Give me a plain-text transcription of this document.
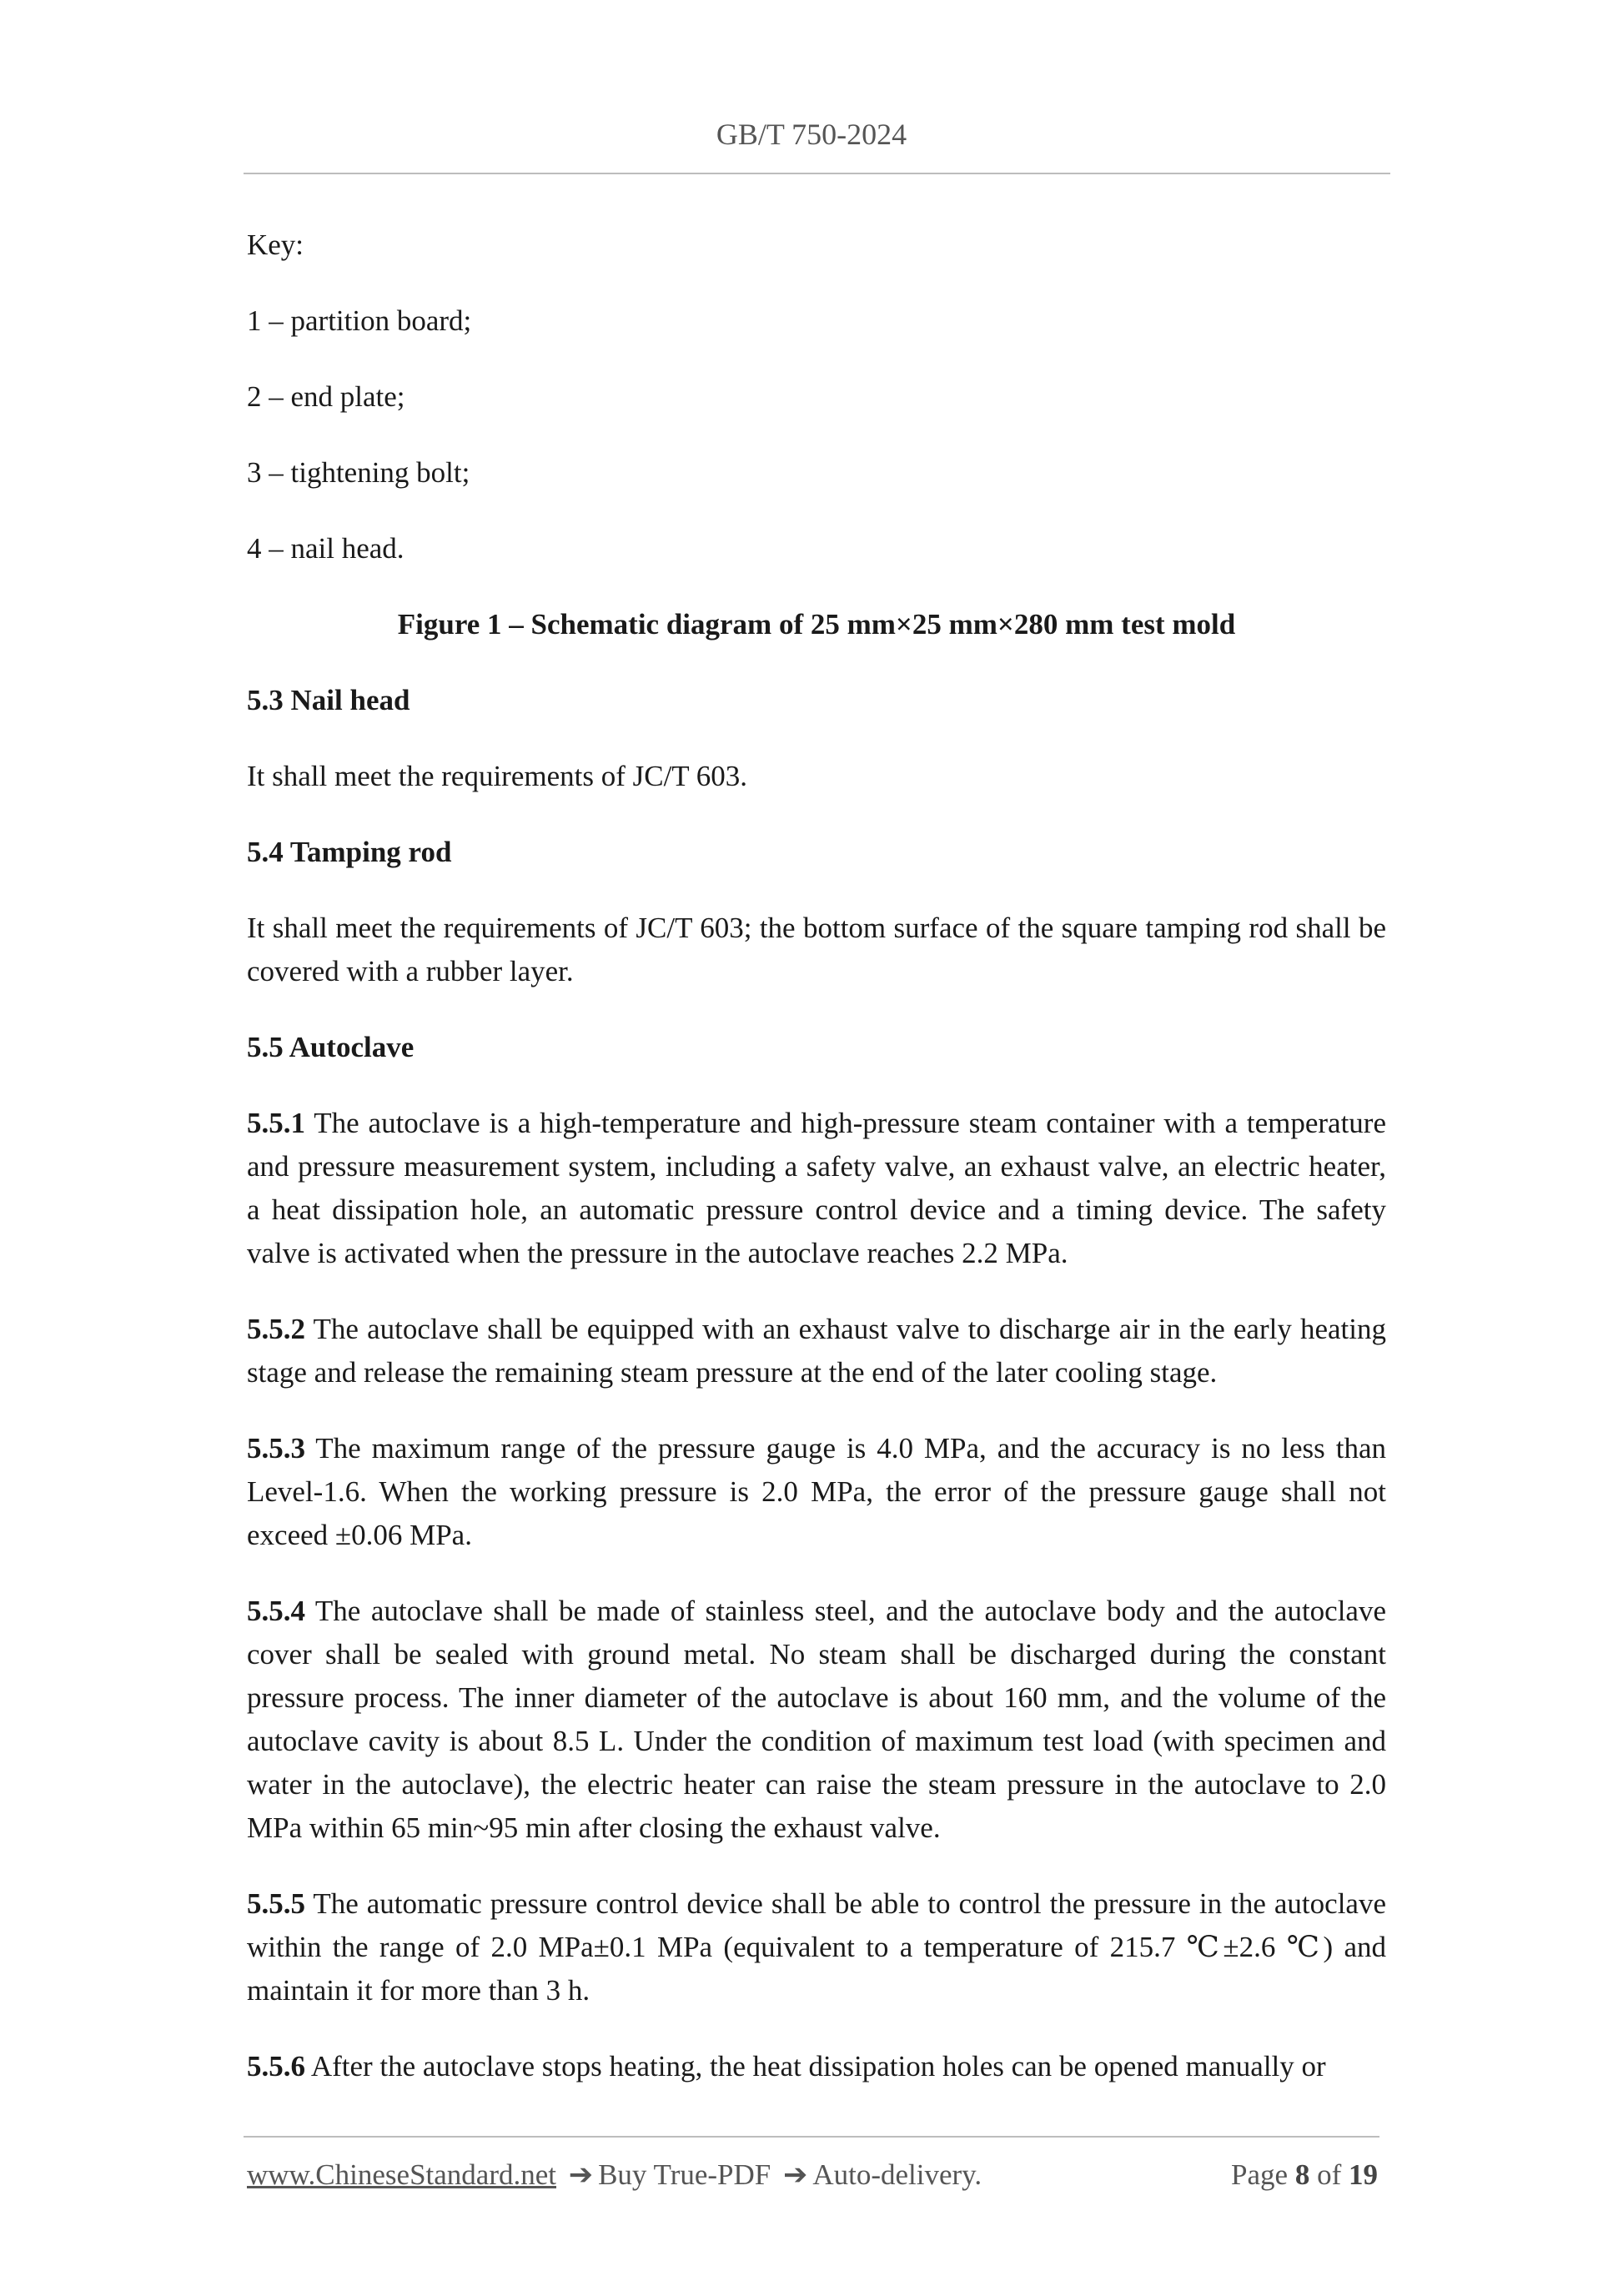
GB/T 750-2024

Key:

1 – partition board;

2 – end plate;

3 – tightening bolt;

4 – nail head.

Figure 1 – Schematic diagram of 25 mm×25 mm×280 mm test mold

5.3 Nail head

It shall meet the requirements of JC/T 603.

5.4 Tamping rod

It shall meet the requirements of JC/T 603; the bottom surface of the square tamping rod shall be covered with a rubber layer.

5.5 Autoclave

5.5.1 The autoclave is a high-temperature and high-pressure steam container with a temperature and pressure measurement system, including a safety valve, an exhaust valve, an electric heater, a heat dissipation hole, an automatic pressure control device and a timing device. The safety valve is activated when the pressure in the autoclave reaches 2.2 MPa.

5.5.2 The autoclave shall be equipped with an exhaust valve to discharge air in the early heating stage and release the remaining steam pressure at the end of the later cooling stage.

5.5.3 The maximum range of the pressure gauge is 4.0 MPa, and the accuracy is no less than Level-1.6. When the working pressure is 2.0 MPa, the error of the pressure gauge shall not exceed ±0.06 MPa.

5.5.4 The autoclave shall be made of stainless steel, and the autoclave body and the autoclave cover shall be sealed with ground metal. No steam shall be discharged during the constant pressure process. The inner diameter of the autoclave is about 160 mm, and the volume of the autoclave cavity is about 8.5 L. Under the condition of maximum test load (with specimen and water in the autoclave), the electric heater can raise the steam pressure in the autoclave to 2.0 MPa within 65 min~95 min after closing the exhaust valve.

5.5.5 The automatic pressure control device shall be able to control the pressure in the autoclave within the range of 2.0 MPa±0.1 MPa (equivalent to a temperature of 215.7 ℃±2.6 ℃) and maintain it for more than 3 h.

5.5.6 After the autoclave stops heating, the heat dissipation holes can be opened manually or

www.ChineseStandard.net ➔ Buy True-PDF ➔ Auto-delivery.	Page 8 of 19
